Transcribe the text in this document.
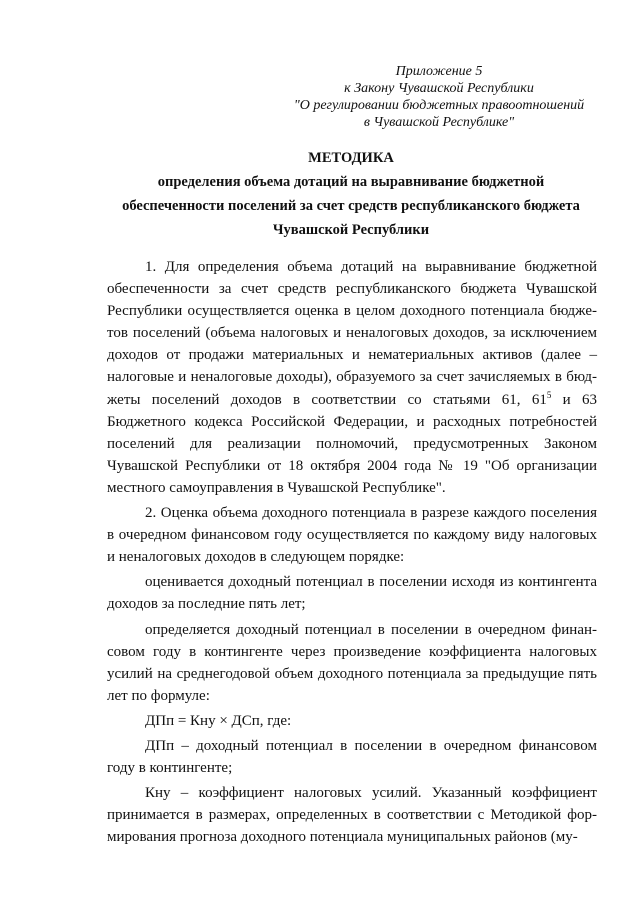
Приложение 5
к Закону Чувашской Республики
"О регулировании бюджетных правоотношений
в Чувашской Республике"
МЕТОДИКА
определения объема дотаций на выравнивание бюджетной
обеспеченности поселений за счет средств республиканского бюджета
Чувашской Республики

1. Для определения объема дотаций на выравнивание бюджетной обеспеченности за счет средств республиканского бюджета Чувашской Республики осуществляется оценка в целом доходного потенциала бюджетов поселений (объема налоговых и неналоговых доходов, за исключением доходов от продажи материальных и нематериальных активов (далее – налоговые и неналоговые доходы), образуемого за счет зачисляемых в бюджеты поселений доходов в соответствии со статьями 61, $61^5$ и 63 Бюджетного кодекса Российской Федерации, и расходных потребностей поселений для реализации полномочий, предусмотренных Законом Чувашской Республики от 18 октября 2004 года № 19 "Об организации местного самоуправления в Чувашской Республике".

2. Оценка объема доходного потенциала в разрезе каждого поселения в очередном финансовом году осуществляется по каждому виду налоговых и неналоговых доходов в следующем порядке:

оценивается доходный потенциал в поселении исходя из контингента доходов за последние пять лет;

определяется доходный потенциал в поселении в очередном финансовом году в контингенте через произведение коэффициента налоговых усилий на среднегодовой объем доходного потенциала за предыдущие пять лет по формуле:

ДПп = Кну × ДСп, где:

ДПп – доходный потенциал в поселении в очередном финансовом году в контингенте;

Кну – коэффициент налоговых усилий. Указанный коэффициент принимается в размерах, определенных в соответствии с Методикой формирования прогноза доходного потенциала муниципальных районов (му-
